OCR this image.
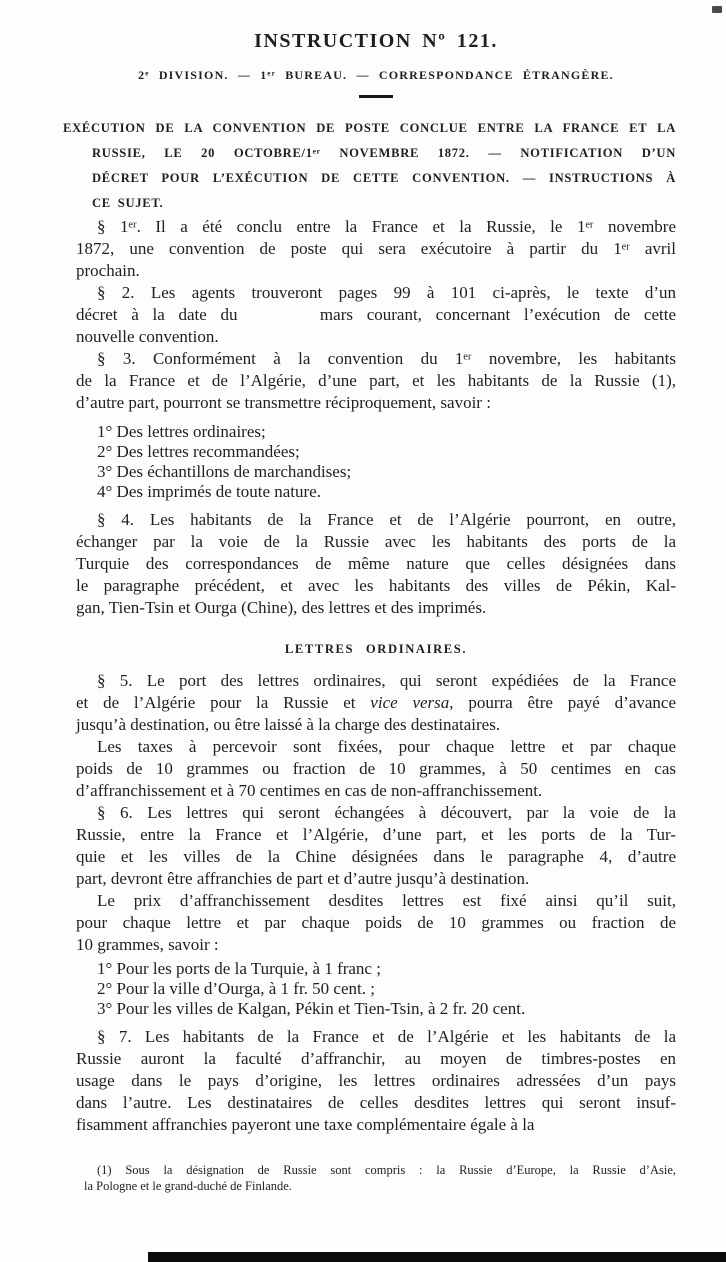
INSTRUCTION Nº 121.
2ᵉ DIVISION. — 1ᵉʳ BUREAU. — CORRESPONDANCE ÉTRANGÈRE.
EXÉCUTION DE LA CONVENTION DE POSTE CONCLUE ENTRE LA FRANCE ET LA
RUSSIE, LE 20 OCTOBRE/1ᵉʳ NOVEMBRE 1872. — NOTIFICATION D’UN
DÉCRET POUR L’EXÉCUTION DE CETTE CONVENTION. — INSTRUCTIONS À
CE SUJET.
§ 1ᵉʳ. Il a été conclu entre la France et la Russie, le 1ᵉʳ novembre
1872, une convention de poste qui sera exécutoire à partir du 1ᵉʳ avril
prochain.
§ 2. Les agents trouveront pages 99 à 101 ci-après, le texte d’un
décret à la date du      mars courant, concernant l’exécution de cette
nouvelle convention.
§ 3. Conformément à la convention du 1ᵉʳ novembre, les habitants
de la France et de l’Algérie, d’une part, et les habitants de la Russie (1),
d’autre part, pourront se transmettre réciproquement, savoir :
1° Des lettres ordinaires;
2° Des lettres recommandées;
3° Des échantillons de marchandises;
4° Des imprimés de toute nature.
§ 4. Les habitants de la France et de l’Algérie pourront, en outre,
échanger par la voie de la Russie avec les habitants des ports de la
Turquie des correspondances de même nature que celles désignées dans
le paragraphe précédent, et avec les habitants des villes de Pékin, Kal-
gan, Tien-Tsin et Ourga (Chine), des lettres et des imprimés.
LETTRES ORDINAIRES.
§ 5. Le port des lettres ordinaires, qui seront expédiées de la France
et de l’Algérie pour la Russie et vice versa, pourra être payé d’avance
jusqu’à destination, ou être laissé à la charge des destinataires.
Les taxes à percevoir sont fixées, pour chaque lettre et par chaque
poids de 10 grammes ou fraction de 10 grammes, à 50 centimes en cas
d’affranchissement et à 70 centimes en cas de non-affranchissement.
§ 6. Les lettres qui seront échangées à découvert, par la voie de la
Russie, entre la France et l’Algérie, d’une part, et les ports de la Tur-
quie et les villes de la Chine désignées dans le paragraphe 4, d’autre
part, devront être affranchies de part et d’autre jusqu’à destination.
Le prix d’affranchissement desdites lettres est fixé ainsi qu’il suit,
pour chaque lettre et par chaque poids de 10 grammes ou fraction de
10 grammes, savoir :
1° Pour les ports de la Turquie, à 1 franc ;
2° Pour la ville d’Ourga, à 1 fr. 50 cent. ;
3° Pour les villes de Kalgan, Pékin et Tien-Tsin, à 2 fr. 20 cent.
§ 7. Les habitants de la France et de l’Algérie et les habitants de la
Russie auront la faculté d’affranchir, au moyen de timbres-postes en
usage dans le pays d’origine, les lettres ordinaires adressées d’un pays
dans l’autre. Les destinataires de celles desdites lettres qui seront insuf-
fisamment affranchies payeront une taxe complémentaire égale à la
(1) Sous la désignation de Russie sont compris : la Russie d’Europe, la Russie d’Asie,
la Pologne et le grand-duché de Finlande.
